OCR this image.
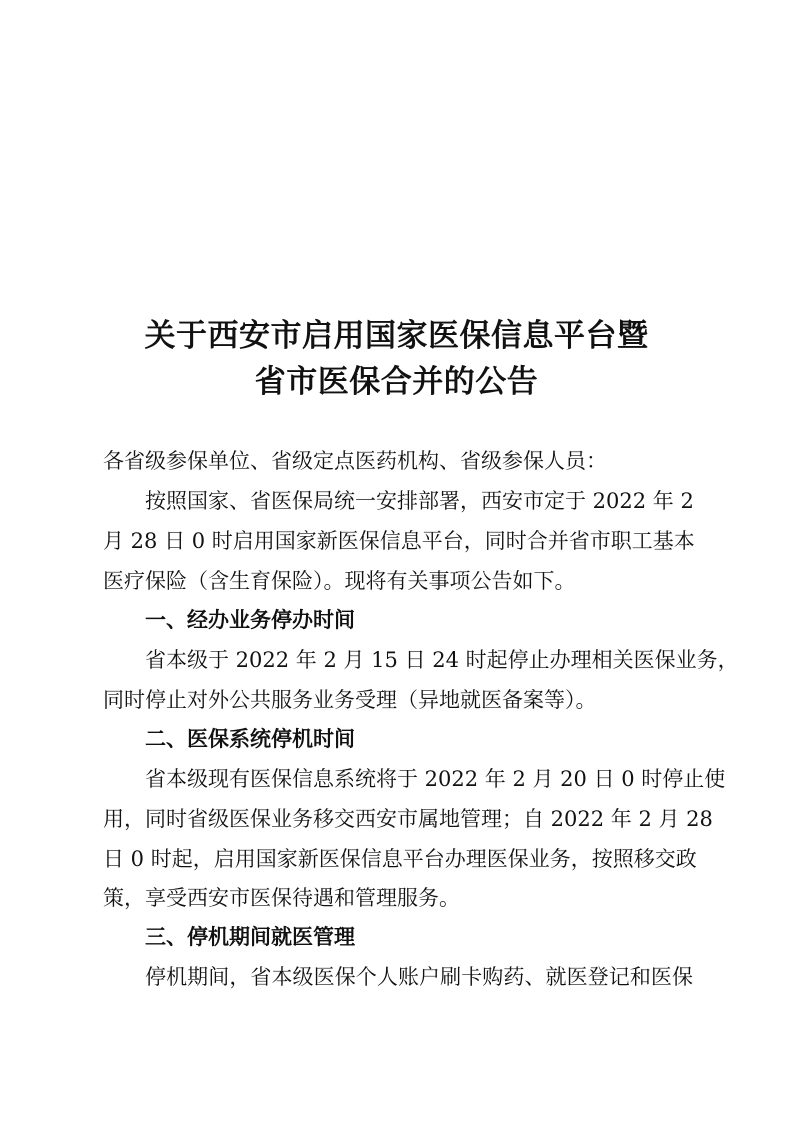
关于西安市启用国家医保信息平台暨
省市医保合并的公告
各省级参保单位、省级定点医药机构、省级参保人员：
按照国家、省医保局统一安排部署，西安市定于 2022 年 2
月 28 日 0 时启用国家新医保信息平台，同时合并省市职工基本
医疗保险（含生育保险）。现将有关事项公告如下。
一、经办业务停办时间
省本级于 2022 年 2 月 15 日 24 时起停止办理相关医保业务，
同时停止对外公共服务业务受理（异地就医备案等）。
二、医保系统停机时间
省本级现有医保信息系统将于 2022 年 2 月 20 日 0 时停止使
用，同时省级医保业务移交西安市属地管理；自 2022 年 2 月 28
日 0 时起，启用国家新医保信息平台办理医保业务，按照移交政
策，享受西安市医保待遇和管理服务。
三、停机期间就医管理
停机期间，省本级医保个人账户刷卡购药、就医登记和医保
